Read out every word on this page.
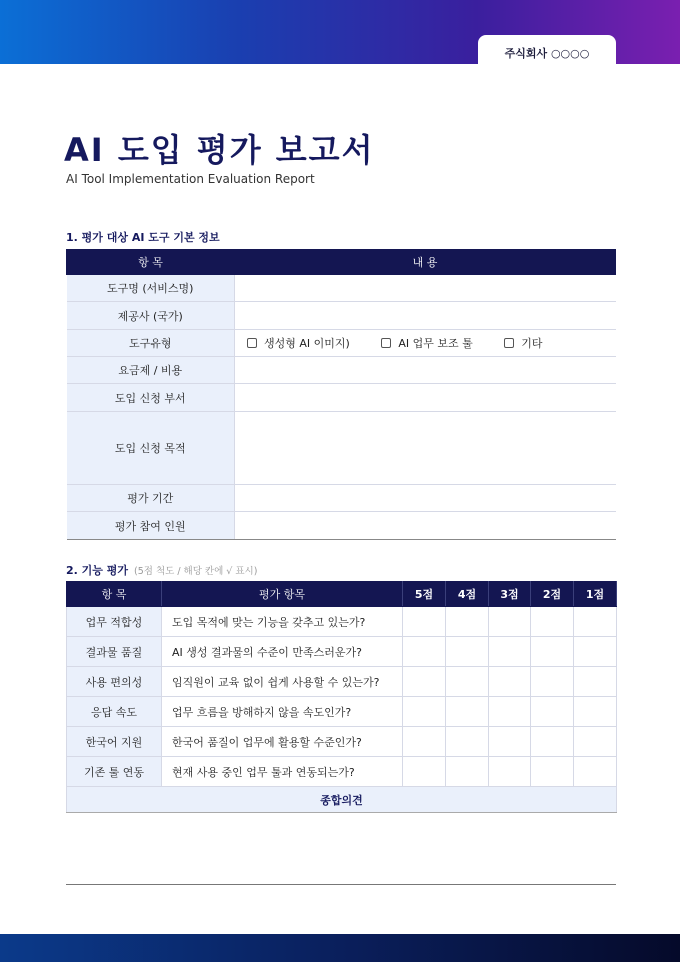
주식회사 ○○○○
AI 도입 평가 보고서
AI Tool Implementation Evaluation Report
1. 평가 대상 AI 도구 기본 정보
항 목	내 용
도구명 (서비스명)	
제공사 (국가)	
도구유형	생성형 AI 이미지) AI 업무 보조 툴 기타
요금제 / 비용	
도입 신청 부서	
도입 신청 목적	
평가 기간	
평가 참여 인원	
2. 기능 평가 (5점 척도 / 해당 칸에 √ 표시)
항 목	평가 항목	5점	4점	3점	2점	1점
업무 적합성	도입 목적에 맞는 기능을 갖추고 있는가?					
결과물 품질	AI 생성 결과물의 수준이 만족스러운가?					
사용 편의성	임직원이 교육 없이 쉽게 사용할 수 있는가?					
응답 속도	업무 흐름을 방해하지 않을 속도인가?					
한국어 지원	한국어 품질이 업무에 활용할 수준인가?					
기존 툴 연동	현재 사용 중인 업무 툴과 연동되는가?					
종합의견						
